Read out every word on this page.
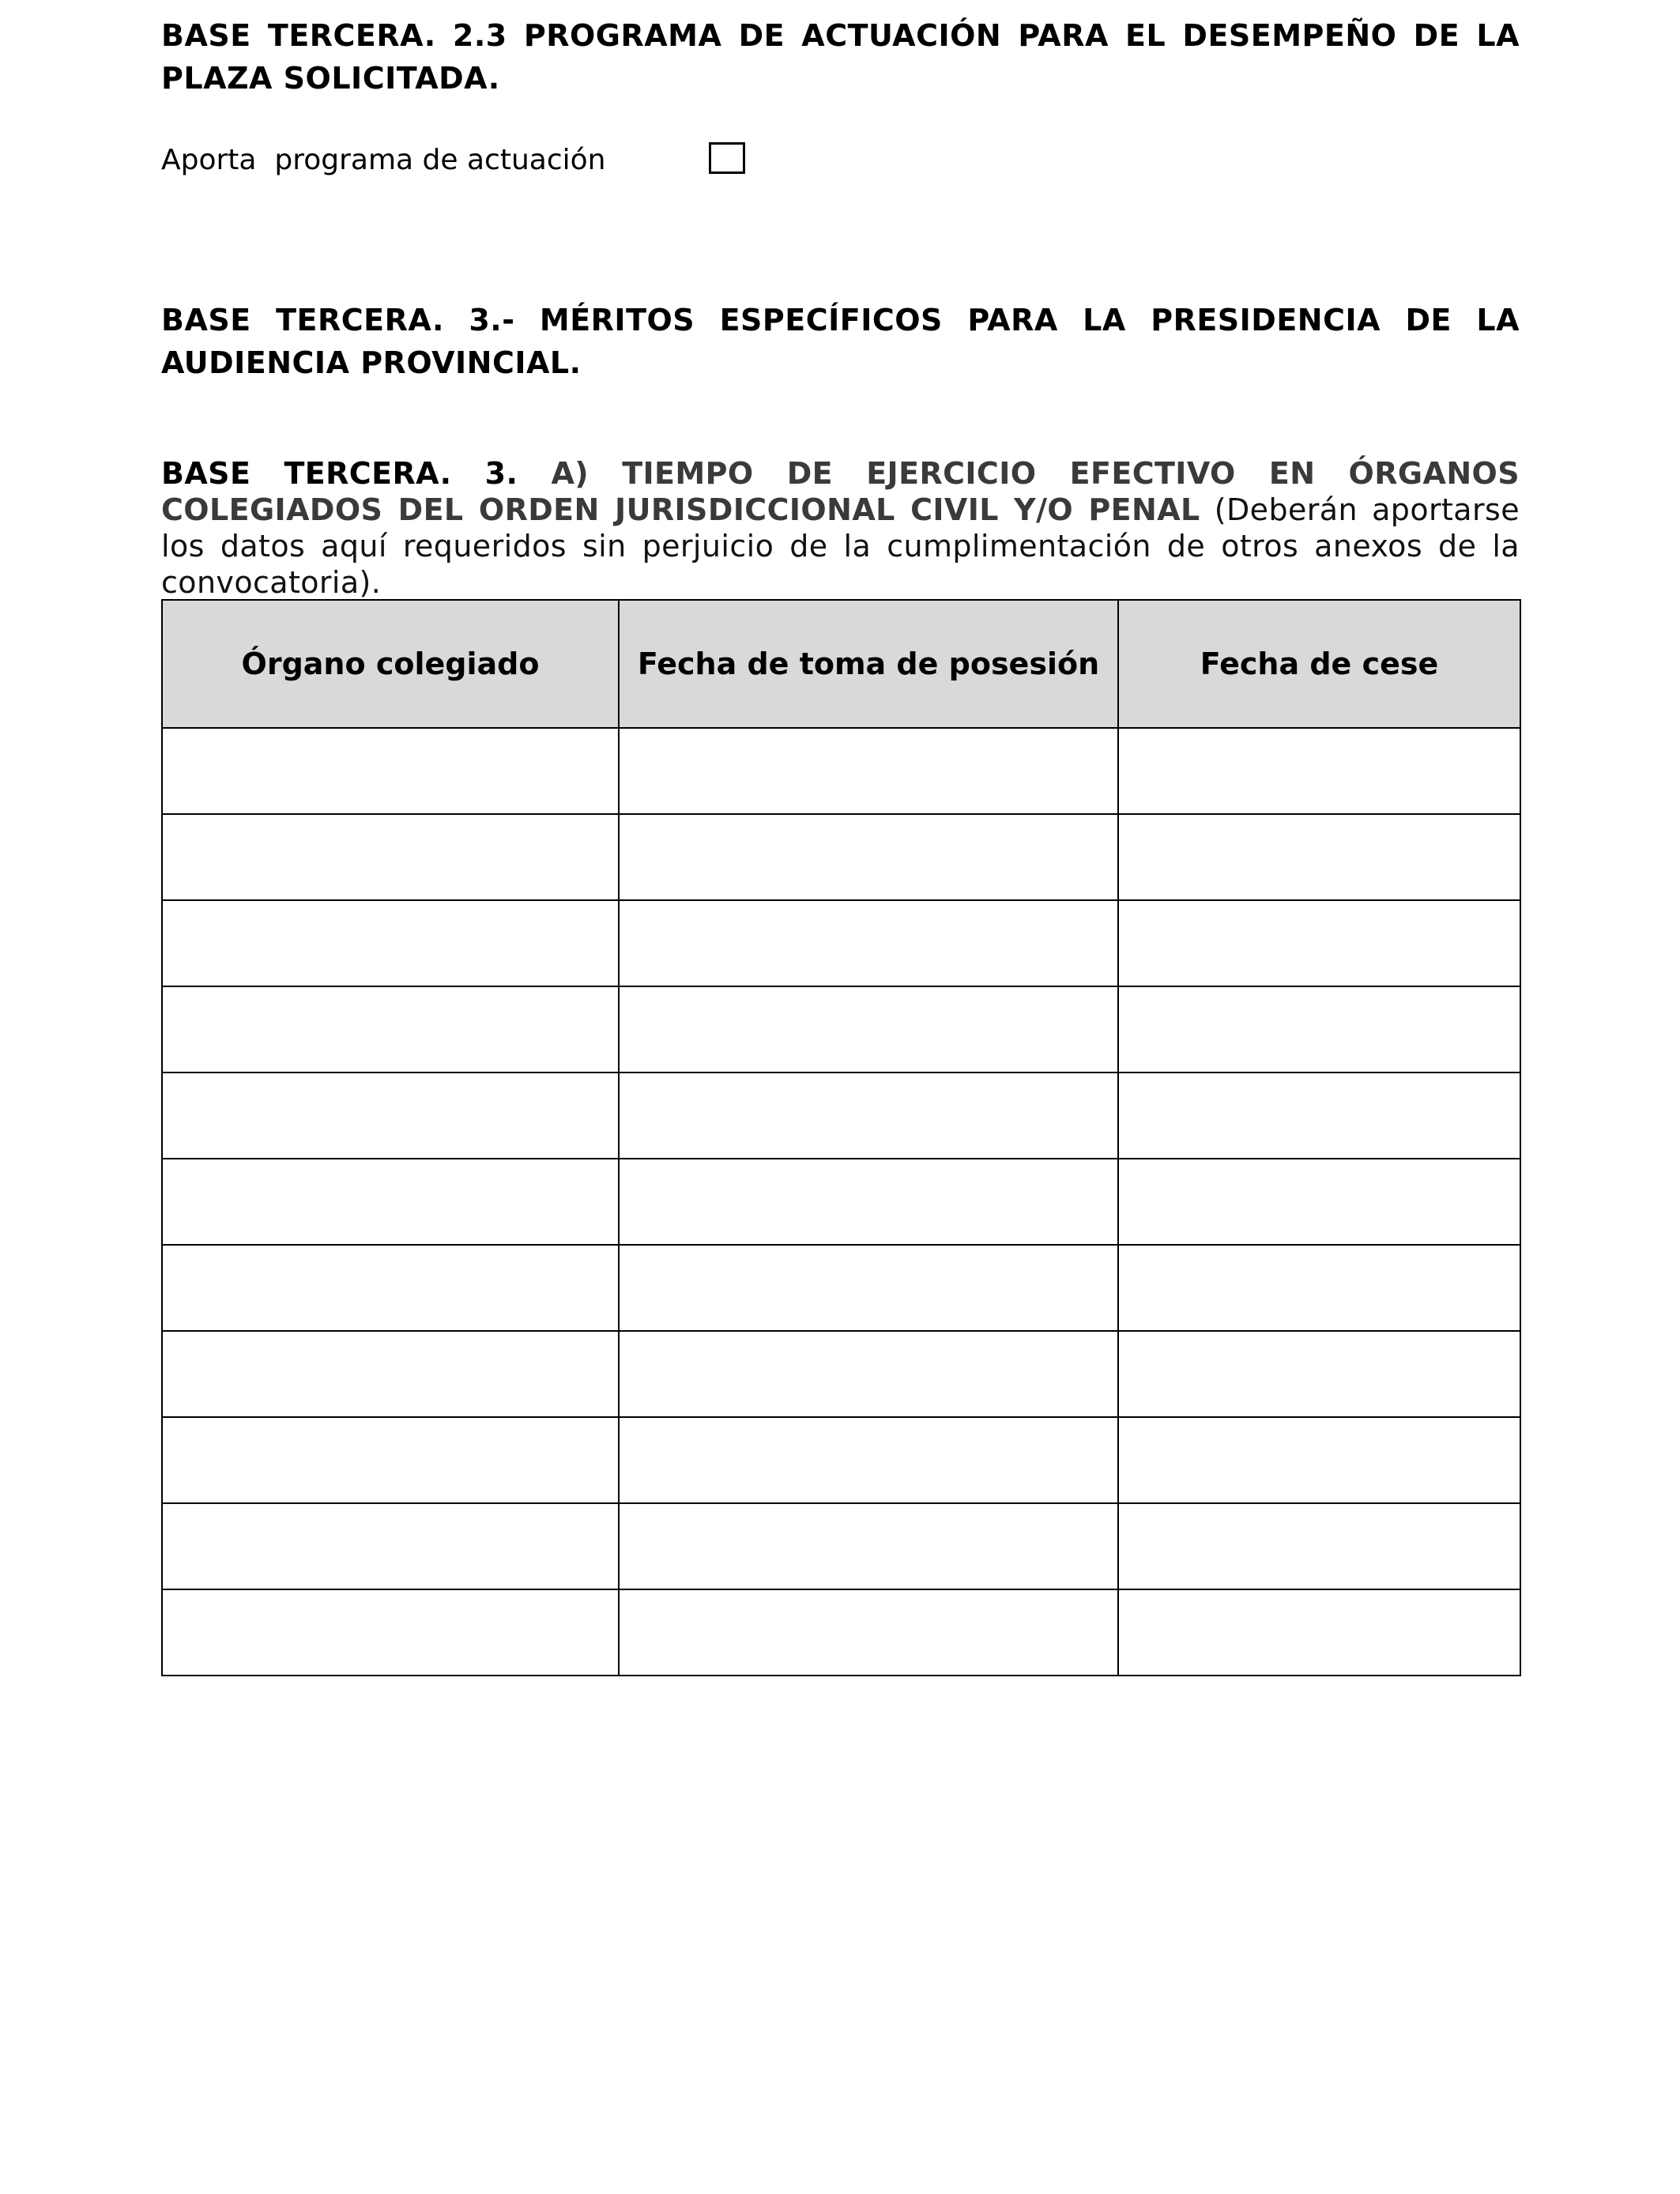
BASE TERCERA. 2.3 PROGRAMA DE ACTUACIÓN PARA EL DESEMPEÑO DE LA PLAZA SOLICITADA.

Aporta  programa de actuación

BASE TERCERA. 3.- MÉRITOS ESPECÍFICOS PARA LA PRESIDENCIA DE LA AUDIENCIA PROVINCIAL.

BASE TERCERA. 3. A) TIEMPO DE EJERCICIO EFECTIVO EN ÓRGANOS COLEGIADOS DEL ORDEN JURISDICCIONAL CIVIL Y/O PENAL (Deberán aportarse los datos aquí requeridos sin perjuicio de la cumplimentación de otros anexos de la convocatoria).

Órgano colegiado	Fecha de toma de posesión	Fecha de cese
